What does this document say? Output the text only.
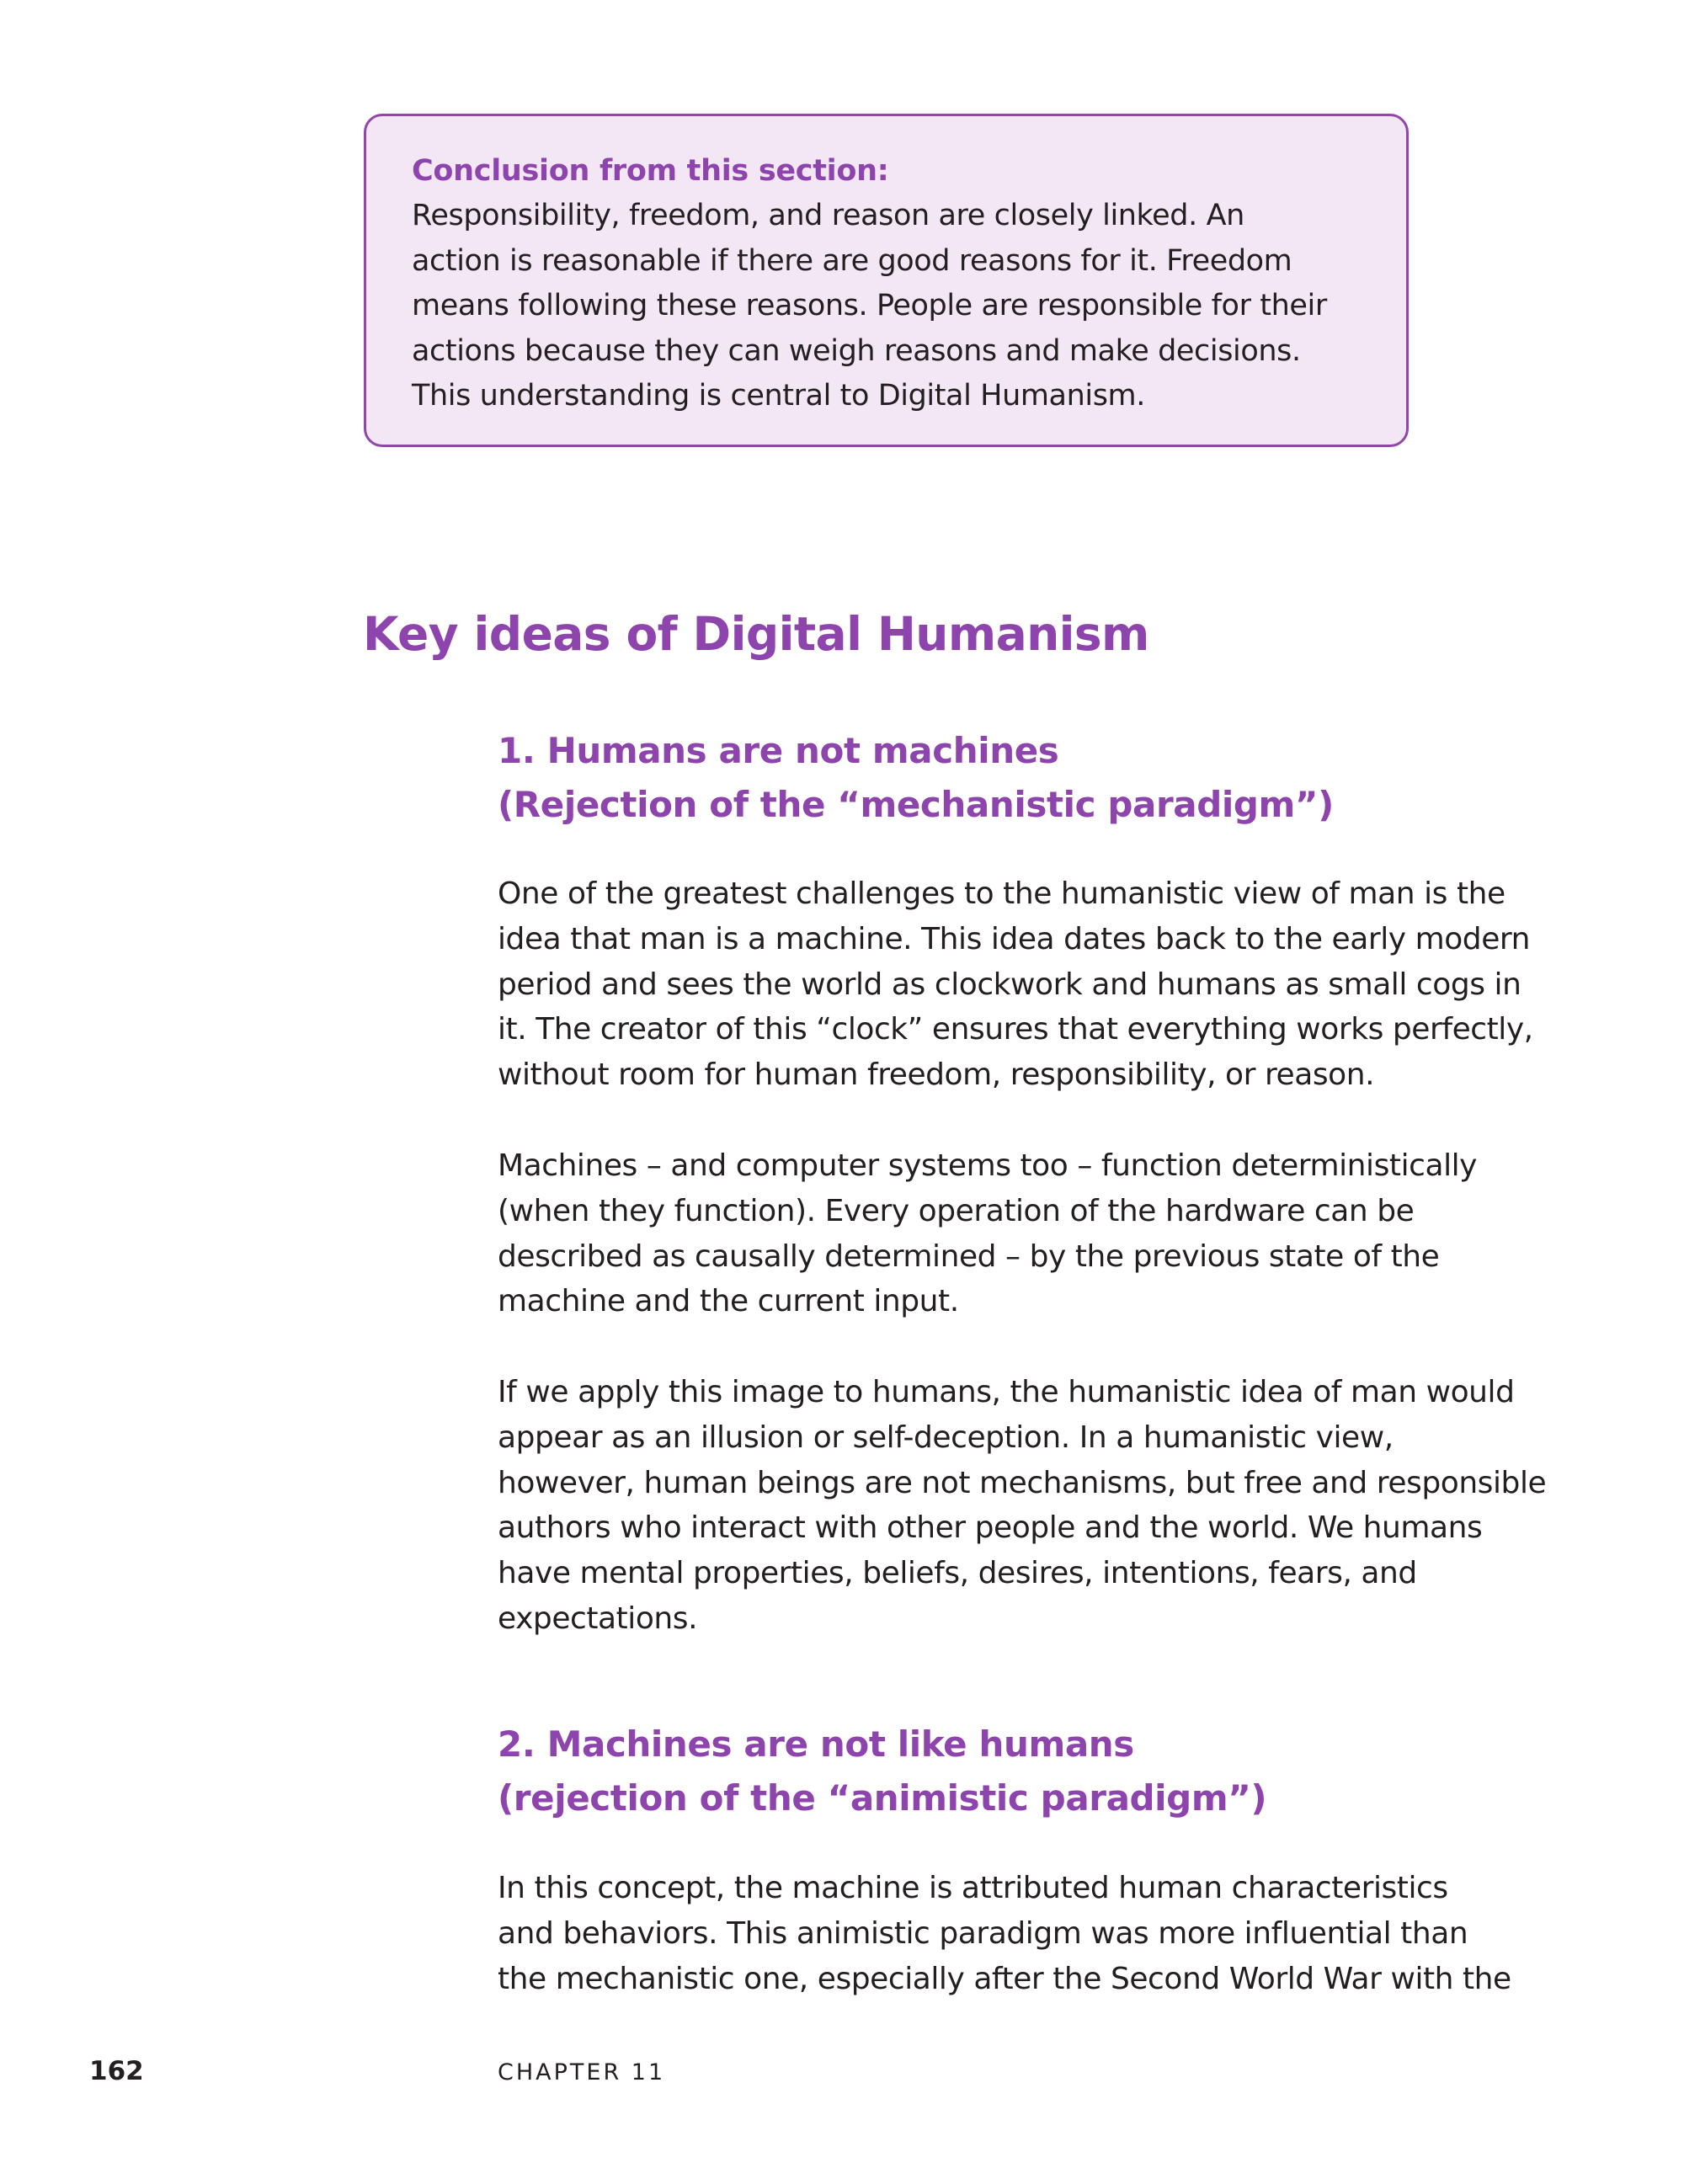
Conclusion from this section:

Responsibility, freedom, and reason are closely linked. An
action is reasonable if there are good reasons for it. Freedom
means following these reasons. People are responsible for their
actions because they can weigh reasons and make decisions.
This understanding is central to Digital Humanism.

Key ideas of Digital Humanism
1. Humans are not machines
(Rejection of the “mechanistic paradigm”)

One of the greatest challenges to the humanistic view of man is the
idea that man is a machine. This idea dates back to the early modern
period and sees the world as clockwork and humans as small cogs in
it. The creator of this “clock” ensures that everything works perfectly,
without room for human freedom, responsibility, or reason.

Machines – and computer systems too – function deterministically
(when they function). Every operation of the hardware can be
described as causally determined – by the previous state of the
machine and the current input.

If we apply this image to humans, the humanistic idea of man would
appear as an illusion or self-deception. In a humanistic view,
however, human beings are not mechanisms, but free and responsible
authors who interact with other people and the world. We humans
have mental properties, beliefs, desires, intentions, fears, and
expectations.

2. Machines are not like humans
(rejection of the “animistic paradigm”)

In this concept, the machine is attributed human characteristics
and behaviors. This animistic paradigm was more influential than
the mechanistic one, especially after the Second World War with the

162	CHAPTER 11
